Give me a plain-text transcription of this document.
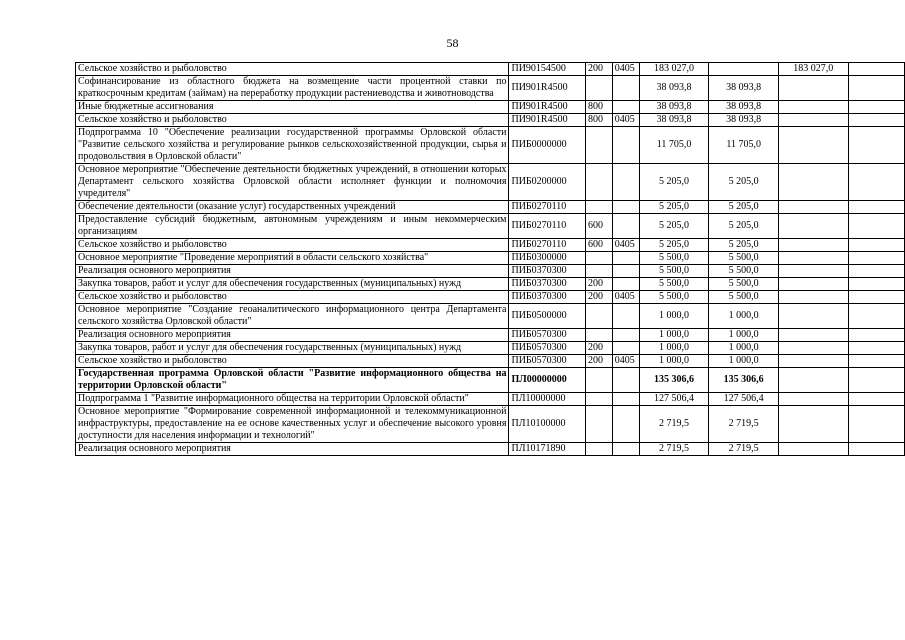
58
Сельское хозяйство и рыболовство	ПИ90154500	200	0405	183 027,0		183 027,0	
Софинансирование из областного бюджета на возмещение части процентной ставки по краткосрочным кредитам (займам) на переработку продукции растениеводства и животноводства	ПИ901R4500			38 093,8	38 093,8		
Иные бюджетные ассигнования	ПИ901R4500	800		38 093,8	38 093,8		
Сельское хозяйство и рыболовство	ПИ901R4500	800	0405	38 093,8	38 093,8		
Подпрограмма 10 "Обеспечение реализации государственной программы Орловской области "Развитие сельского хозяйства и регулирование рынков сельскохозяйственной продукции, сырья и продовольствия в Орловской области"	ПИБ0000000			11 705,0	11 705,0		
Основное мероприятие "Обеспечение деятельности бюджетных учреждений, в отношении которых Департамент сельского хозяйства Орловской области исполняет функции и полномочия учредителя"	ПИБ0200000			5 205,0	5 205,0		
Обеспечение деятельности (оказание услуг) государственных учреждений	ПИБ0270110			5 205,0	5 205,0		
Предоставление субсидий бюджетным, автономным учреждениям и иным некоммерческим организациям	ПИБ0270110	600		5 205,0	5 205,0		
Сельское хозяйство и рыболовство	ПИБ0270110	600	0405	5 205,0	5 205,0		
Основное мероприятие "Проведение мероприятий в области сельского хозяйства"	ПИБ0300000			5 500,0	5 500,0		
Реализация основного мероприятия	ПИБ0370300			5 500,0	5 500,0		
Закупка товаров, работ и услуг для обеспечения государственных (муниципальных) нужд	ПИБ0370300	200		5 500,0	5 500,0		
Сельское хозяйство и рыболовство	ПИБ0370300	200	0405	5 500,0	5 500,0		
Основное мероприятие "Создание геоаналитического информационного центра Департамента сельского хозяйства Орловской области"	ПИБ0500000			1 000,0	1 000,0		
Реализация основного мероприятия	ПИБ0570300			1 000,0	1 000,0		
Закупка товаров, работ и услуг для обеспечения государственных (муниципальных) нужд	ПИБ0570300	200		1 000,0	1 000,0		
Сельское хозяйство и рыболовство	ПИБ0570300	200	0405	1 000,0	1 000,0		
Государственная программа Орловской области "Развитие информационного общества на территории Орловской области"	ПЛ00000000			135 306,6	135 306,6		
Подпрограмма 1 "Развитие информационного общества на территории Орловской области"	ПЛ10000000			127 506,4	127 506,4		
Основное мероприятие "Формирование современной информационной и телекоммуникационной инфраструктуры, предоставление на ее основе качественных услуг и обеспечение высокого уровня доступности для населения информации и технологий"	ПЛ10100000			2 719,5	2 719,5		
Реализация основного мероприятия	ПЛ10171890			2 719,5	2 719,5		
